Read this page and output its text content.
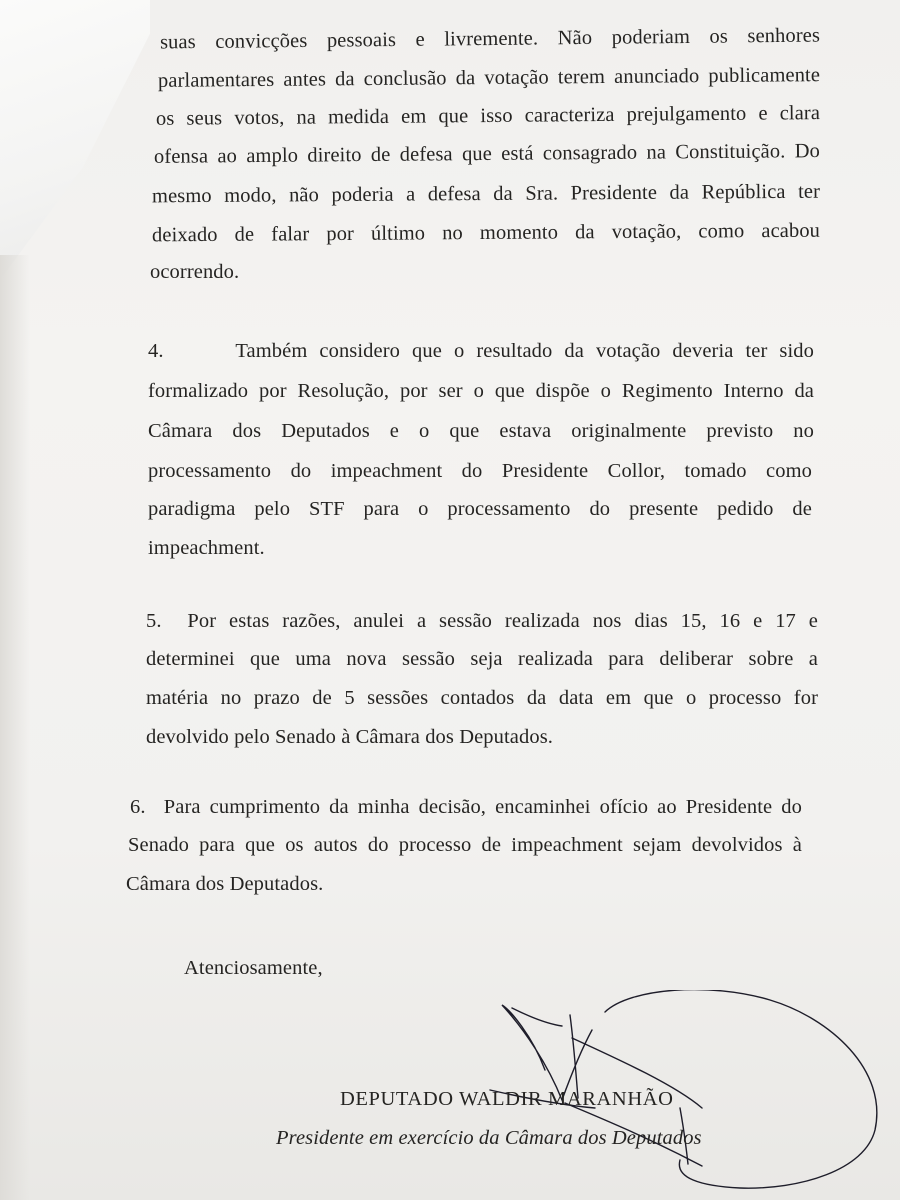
suas convicções pessoais e livremente. Não poderiam os senhores

parlamentares antes da conclusão da votação terem anunciado publicamente

os seus votos, na medida em que isso caracteriza prejulgamento e clara

ofensa ao amplo direito de defesa que está consagrado na Constituição. Do

mesmo modo, não poderia a defesa da Sra. Presidente da República ter

deixado de falar por último no momento da votação, como acabou

ocorrendo.

4.      Também considero que o resultado da votação deveria ter sido

formalizado por Resolução, por ser o que dispõe o Regimento Interno da

Câmara dos Deputados e o que estava originalmente previsto no

processamento do impeachment do Presidente Collor, tomado como

paradigma pelo STF para o processamento do presente pedido de

impeachment.

5.  Por estas razões, anulei a sessão realizada nos dias 15, 16 e 17 e

determinei que uma nova sessão seja realizada para deliberar sobre a

matéria no prazo de 5 sessões contados da data em que o processo for

devolvido pelo Senado à Câmara dos Deputados.

6.  Para cumprimento da minha decisão, encaminhei ofício ao Presidente do

Senado para que os autos do processo de impeachment sejam devolvidos à

Câmara dos Deputados.

Atenciosamente,

DEPUTADO WALDIR MARANHÃO

Presidente em exercício da Câmara dos Deputados
